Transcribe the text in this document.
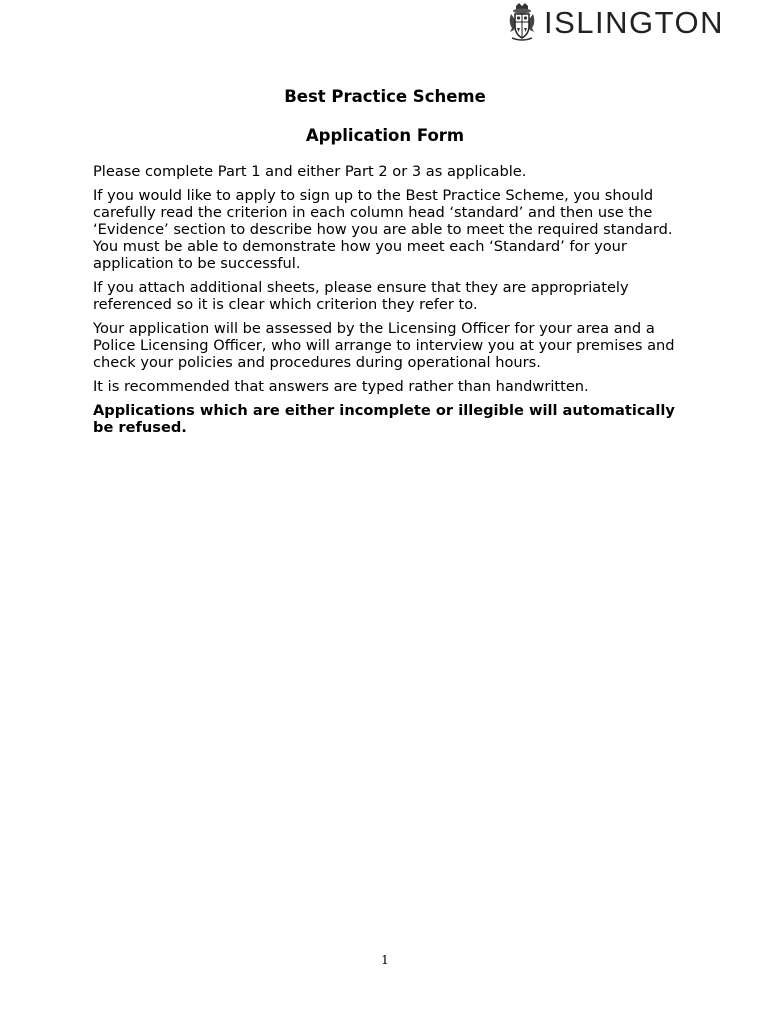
ISLINGTON
Best Practice Scheme
Application Form

Please complete Part 1 and either Part 2 or 3 as applicable.

If you would like to apply to sign up to the Best Practice Scheme, you should carefully read the criterion in each column head ‘standard’ and then use the ‘Evidence’ section to describe how you are able to meet the required standard. You must be able to demonstrate how you meet each ‘Standard’ for your application to be successful.

If you attach additional sheets, please ensure that they are appropriately referenced so it is clear which criterion they refer to.

Your application will be assessed by the Licensing Officer for your area and a Police Licensing Officer, who will arrange to interview you at your premises and check your policies and procedures during operational hours.

It is recommended that answers are typed rather than handwritten.

Applications which are either incomplete or illegible will automatically be refused.

1
